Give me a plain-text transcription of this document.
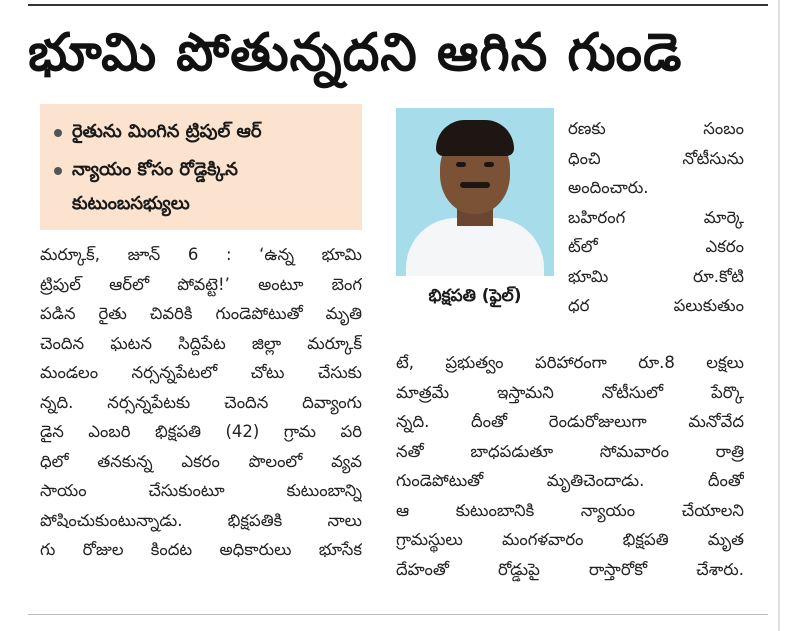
భూమి పోతున్నదని ఆగిన గుండె
రైతును మింగిన ట్రిపుల్ ఆర్
న్యాయం కోసం రోడ్డెక్కిన
కుటుంబసభ్యులు
మర్కూక్, జూన్ 6 : ‘ఉన్న భూమి
ట్రిపుల్ ఆర్‌లో పోవట్టె!’ అంటూ బెంగ
పడిన రైతు చివరికి గుండెపోటుతో మృతి
చెందిన ఘటన సిద్దిపేట జిల్లా మర్కూక్
మండలం నర్సన్నపేటలో చోటు చేసుకు
న్నది. నర్సన్నపేటకు చెందిన దివ్యాంగు
డైన ఎంబరి భిక్షపతి (42) గ్రామ పరి
ధిలో తనకున్న ఎకరం పొలంలో వ్యవ
సాయం చేసుకుంటూ కుటుంబాన్ని
పోషించుకుంటున్నాడు. భిక్షపతికి నాలు
గు రోజుల కిందట అధికారులు భూసేక
భిక్షపతి (ఫైల్)
రణకు సంబం
ధించి నోటీసును
అందించారు.
బహిరంగ మార్కె
ట్‌లో ఎకరం
భూమి రూ.కోటి
ధర పలుకుతుం
టే, ప్రభుత్వం పరిహారంగా రూ.8 లక్షలు
మాత్రమే ఇస్తామని నోటీసులో పేర్కొ
న్నది. దీంతో రెండురోజులుగా మనోవేద
నతో బాధపడుతూ సోమవారం రాత్రి
గుండెపోటుతో మృతిచెందాడు. దీంతో
ఆ కుటుంబానికి న్యాయం చేయాలని
గ్రామస్థులు మంగళవారం భిక్షపతి మృత
దేహంతో రోడ్డుపై రాస్తారోకో చేశారు.
